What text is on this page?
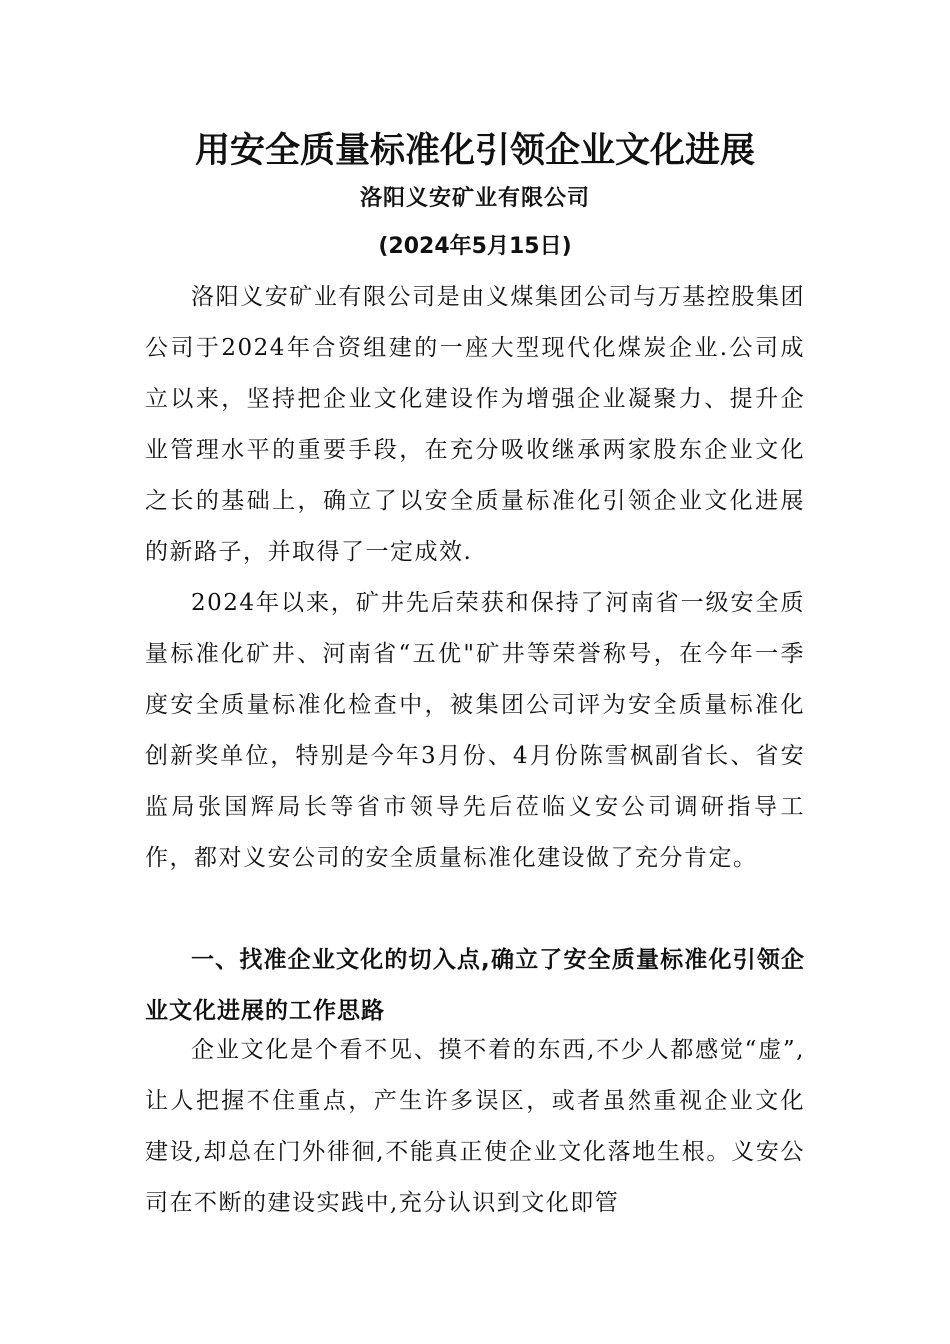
用安全质量标准化引领企业文化进展
洛阳义安矿业有限公司
(2024年5月15日)

洛阳义安矿业有限公司是由义煤集团公司与万基控股集团公司于2024年合资组建的一座大型现代化煤炭企业.公司成立以来，坚持把企业文化建设作为增强企业凝聚力、提升企业管理水平的重要手段，在充分吸收继承两家股东企业文化之长的基础上，确立了以安全质量标准化引领企业文化进展的新路子，并取得了一定成效.

2024年以来，矿井先后荣获和保持了河南省一级安全质量标准化矿井、河南省“五优"矿井等荣誉称号，在今年一季度安全质量标准化检查中，被集团公司评为安全质量标准化创新奖单位，特别是今年3月份、4月份陈雪枫副省长、省安监局张国辉局长等省市领导先后莅临义安公司调研指导工作，都对义安公司的安全质量标准化建设做了充分肯定。

一、找准企业文化的切入点,确立了安全质量标准化引领企业文化进展的工作思路

企业文化是个看不见、摸不着的东西,不少人都感觉“虚”,让人把握不住重点，产生许多误区，或者虽然重视企业文化建设,却总在门外徘徊,不能真正使企业文化落地生根。义安公司在不断的建设实践中,充分认识到文化即管
